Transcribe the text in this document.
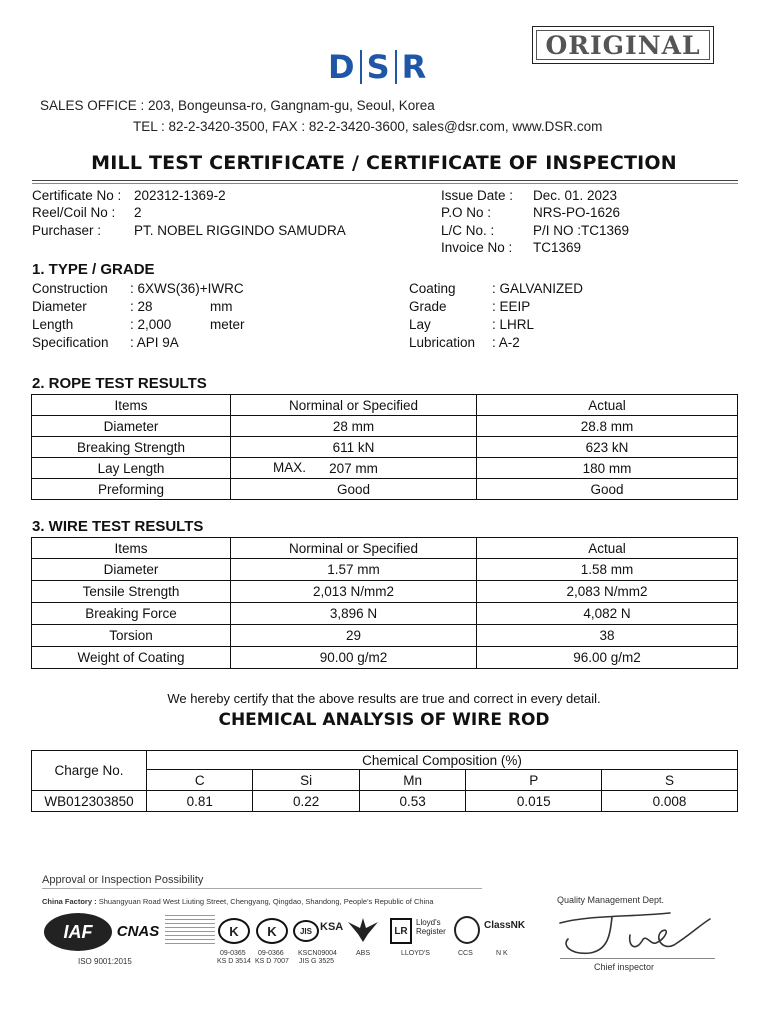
D S R
ORIGINAL
SALES OFFICE : 203, Bongeunsa-ro, Gangnam-gu, Seoul, Korea
TEL : 82-2-3420-3500, FAX : 82-2-3420-3600, sales@dsr.com, www.DSR.com
MILL TEST CERTIFICATE / CERTIFICATE OF INSPECTION
Certificate No : 202312-1369-2
Reel/Coil No : 2
Purchaser : PT. NOBEL RIGGINDO SAMUDRA
Issue Date : Dec. 01. 2023
P.O No :	NRS-PO-1626
L/C No. :	P/I NO :TC1369
Invoice No : TC1369
1. TYPE / GRADE
Construction : 6XWS(36)+IWRC
Diameter	: 28	mm
Length	: 2,000	meter
Specification : API 9A
Coating	: GALVANIZED
Grade	: EEIP
Lay	: LHRL
Lubrication : A-2
2. ROPE TEST RESULTS
Items	Norminal or Specified	Actual
Diameter	28 mm	28.8 mm
Breaking Strength	611 kN	623 kN
Lay Length	MAX. 207 mm	180 mm
Preforming	Good	Good
3. WIRE TEST RESULTS
Items	Norminal or Specified	Actual
Diameter	1.57 mm	1.58 mm
Tensile Strength	2,013 N/mm2	2,083 N/mm2
Breaking Force	3,896 N	4,082 N
Torsion	29	38
Weight of Coating	90.00 g/m2	96.00 g/m2
We hereby certify that the above results are true and correct in every detail.
CHEMICAL ANALYSIS OF WIRE ROD
Charge No.	Chemical Composition (%)				
	C	Si	Mn	P	S
WB012303850	0.81	0.22	0.53	0.015	0.008
Approval or Inspection Possibility
China Factory : Shuangyuan Road West Liuting Street, Chengyang, Qingdao, Shandong, People's Republic of China	Quality Management Dept.
IAF CNAS
ISO 9001:2015
K K	JIS KSA	LR
Lloyd's Register
ClassNK
09-0365
KS D 3514
09-0366
KS D 7007
KSCN09004
JIS G 3525
ABS	LLOYD'S	CCS	N K
Chief inspector
